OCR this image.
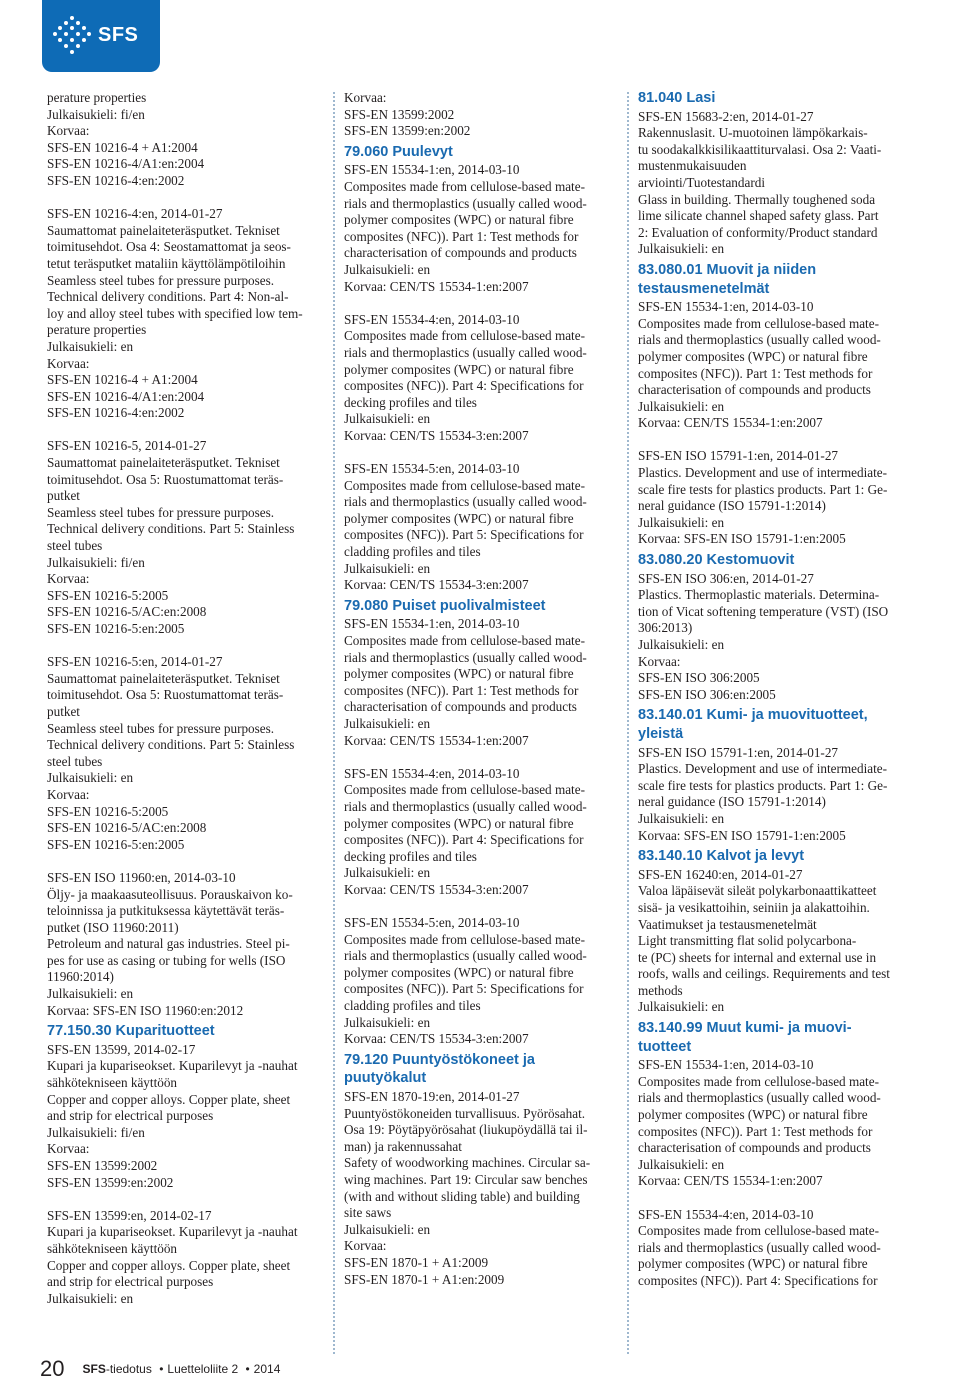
SFS
perature properties
Julkaisukieli: fi/en
Korvaa:
SFS-EN 10216-4 + A1:2004
SFS-EN 10216-4/A1:en:2004
SFS-EN 10216-4:en:2002
SFS-EN 10216-4:en, 2014-01-27
Saumattomat painelaiteteräsputket. Tekniset
toimitusehdot. Osa 4: Seostamattomat ja seos-
tetut teräsputket mataliin käyttölämpötiloihin
Seamless steel tubes for pressure purposes.
Technical delivery conditions. Part 4: Non-al-
loy and alloy steel tubes with specified low tem-
perature properties
Julkaisukieli: en
Korvaa:
SFS-EN 10216-4 + A1:2004
SFS-EN 10216-4/A1:en:2004
SFS-EN 10216-4:en:2002
SFS-EN 10216-5, 2014-01-27
Saumattomat painelaiteteräsputket. Tekniset
toimitusehdot. Osa 5: Ruostumattomat teräs-
putket
Seamless steel tubes for pressure purposes.
Technical delivery conditions. Part 5: Stainless
steel tubes
Julkaisukieli: fi/en
Korvaa:
SFS-EN 10216-5:2005
SFS-EN 10216-5/AC:en:2008
SFS-EN 10216-5:en:2005
SFS-EN 10216-5:en, 2014-01-27
Saumattomat painelaiteteräsputket. Tekniset
toimitusehdot. Osa 5: Ruostumattomat teräs-
putket
Seamless steel tubes for pressure purposes.
Technical delivery conditions. Part 5: Stainless
steel tubes
Julkaisukieli: en
Korvaa:
SFS-EN 10216-5:2005
SFS-EN 10216-5/AC:en:2008
SFS-EN 10216-5:en:2005
SFS-EN ISO 11960:en, 2014-03-10
Öljy- ja maakaasuteollisuus. Porauskaivon ko-
teloinnissa ja putkituksessa käytettävät teräs-
putket (ISO 11960:2011)
Petroleum and natural gas industries. Steel pi-
pes for use as casing or tubing for wells (ISO
11960:2014)
Julkaisukieli: en
Korvaa: SFS-EN ISO 11960:en:2012
77.150.30 Kuparituotteet
SFS-EN 13599, 2014-02-17
Kupari ja kupariseokset. Kuparilevyt ja -nauhat
sähkötekniseen käyttöön
Copper and copper alloys. Copper plate, sheet
and strip for electrical purposes
Julkaisukieli: fi/en
Korvaa:
SFS-EN 13599:2002
SFS-EN 13599:en:2002
SFS-EN 13599:en, 2014-02-17
Kupari ja kupariseokset. Kuparilevyt ja -nauhat
sähkötekniseen käyttöön
Copper and copper alloys. Copper plate, sheet
and strip for electrical purposes
Julkaisukieli: en
Korvaa:
SFS-EN 13599:2002
SFS-EN 13599:en:2002
79.060 Puulevyt
SFS-EN 15534-1:en, 2014-03-10
Composites made from cellulose-based mate-
rials and thermoplastics (usually called wood-
polymer composites (WPC) or natural fibre
composites (NFC)). Part 1: Test methods for
characterisation of compounds and products
Julkaisukieli: en
Korvaa: CEN/TS 15534-1:en:2007
SFS-EN 15534-4:en, 2014-03-10
Composites made from cellulose-based mate-
rials and thermoplastics (usually called wood-
polymer composites (WPC) or natural fibre
composites (NFC)). Part 4: Specifications for
decking profiles and tiles
Julkaisukieli: en
Korvaa: CEN/TS 15534-3:en:2007
SFS-EN 15534-5:en, 2014-03-10
Composites made from cellulose-based mate-
rials and thermoplastics (usually called wood-
polymer composites (WPC) or natural fibre
composites (NFC)). Part 5: Specifications for
cladding profiles and tiles
Julkaisukieli: en
Korvaa: CEN/TS 15534-3:en:2007
79.080 Puiset puolivalmisteet
SFS-EN 15534-1:en, 2014-03-10
Composites made from cellulose-based mate-
rials and thermoplastics (usually called wood-
polymer composites (WPC) or natural fibre
composites (NFC)). Part 1: Test methods for
characterisation of compounds and products
Julkaisukieli: en
Korvaa: CEN/TS 15534-1:en:2007
SFS-EN 15534-4:en, 2014-03-10
Composites made from cellulose-based mate-
rials and thermoplastics (usually called wood-
polymer composites (WPC) or natural fibre
composites (NFC)). Part 4: Specifications for
decking profiles and tiles
Julkaisukieli: en
Korvaa: CEN/TS 15534-3:en:2007
SFS-EN 15534-5:en, 2014-03-10
Composites made from cellulose-based mate-
rials and thermoplastics (usually called wood-
polymer composites (WPC) or natural fibre
composites (NFC)). Part 5: Specifications for
cladding profiles and tiles
Julkaisukieli: en
Korvaa: CEN/TS 15534-3:en:2007
79.120 Puuntyöstökoneet ja
puutyökalut
SFS-EN 1870-19:en, 2014-01-27
Puuntyöstökoneiden turvallisuus. Pyörösahat.
Osa 19: Pöytäpyörösahat (liukupöydällä tai il-
man) ja rakennussahat
Safety of woodworking machines. Circular sa-
wing machines. Part 19: Circular saw benches
(with and without sliding table) and building
site saws
Julkaisukieli: en
Korvaa:
SFS-EN 1870-1 + A1:2009
SFS-EN 1870-1 + A1:en:2009
81.040 Lasi
SFS-EN 15683-2:en, 2014-01-27
Rakennuslasit. U-muotoinen lämpökarkais-
tu soodakalkkisilikaattiturvalasi. Osa 2: Vaati-
mustenmukaisuuden
arviointi/Tuotestandardi
Glass in building. Thermally toughened soda
lime silicate channel shaped safety glass. Part
2: Evaluation of conformity/Product standard
Julkaisukieli: en
83.080.01 Muovit ja niiden
testausmenetelmät
SFS-EN 15534-1:en, 2014-03-10
Composites made from cellulose-based mate-
rials and thermoplastics (usually called wood-
polymer composites (WPC) or natural fibre
composites (NFC)). Part 1: Test methods for
characterisation of compounds and products
Julkaisukieli: en
Korvaa: CEN/TS 15534-1:en:2007
SFS-EN ISO 15791-1:en, 2014-01-27
Plastics. Development and use of intermediate-
scale fire tests for plastics products. Part 1: Ge-
neral guidance (ISO 15791-1:2014)
Julkaisukieli: en
Korvaa: SFS-EN ISO 15791-1:en:2005
83.080.20 Kestomuovit
SFS-EN ISO 306:en, 2014-01-27
Plastics. Thermoplastic materials. Determina-
tion of Vicat softening temperature (VST) (ISO
306:2013)
Julkaisukieli: en
Korvaa:
SFS-EN ISO 306:2005
SFS-EN ISO 306:en:2005
83.140.01 Kumi- ja muovituotteet,
yleistä
SFS-EN ISO 15791-1:en, 2014-01-27
Plastics. Development and use of intermediate-
scale fire tests for plastics products. Part 1: Ge-
neral guidance (ISO 15791-1:2014)
Julkaisukieli: en
Korvaa: SFS-EN ISO 15791-1:en:2005
83.140.10 Kalvot ja levyt
SFS-EN 16240:en, 2014-01-27
Valoa läpäisevät sileät polykarbonaattikatteet
sisä- ja vesikattoihin, seiniin ja alakattoihin.
Vaatimukset ja testausmenetelmät
Light transmitting flat solid polycarbona-
te (PC) sheets for internal and external use in
roofs, walls and ceilings. Requirements and test
methods
Julkaisukieli: en
83.140.99 Muut kumi- ja muovi-
tuotteet
SFS-EN 15534-1:en, 2014-03-10
Composites made from cellulose-based mate-
rials and thermoplastics (usually called wood-
polymer composites (WPC) or natural fibre
composites (NFC)). Part 1: Test methods for
characterisation of compounds and products
Julkaisukieli: en
Korvaa: CEN/TS 15534-1:en:2007
SFS-EN 15534-4:en, 2014-03-10
Composites made from cellulose-based mate-
rials and thermoplastics (usually called wood-
polymer composites (WPC) or natural fibre
composites (NFC)). Part 4: Specifications for
20 SFS-tiedotus • Luetteloliite 2 • 2014
